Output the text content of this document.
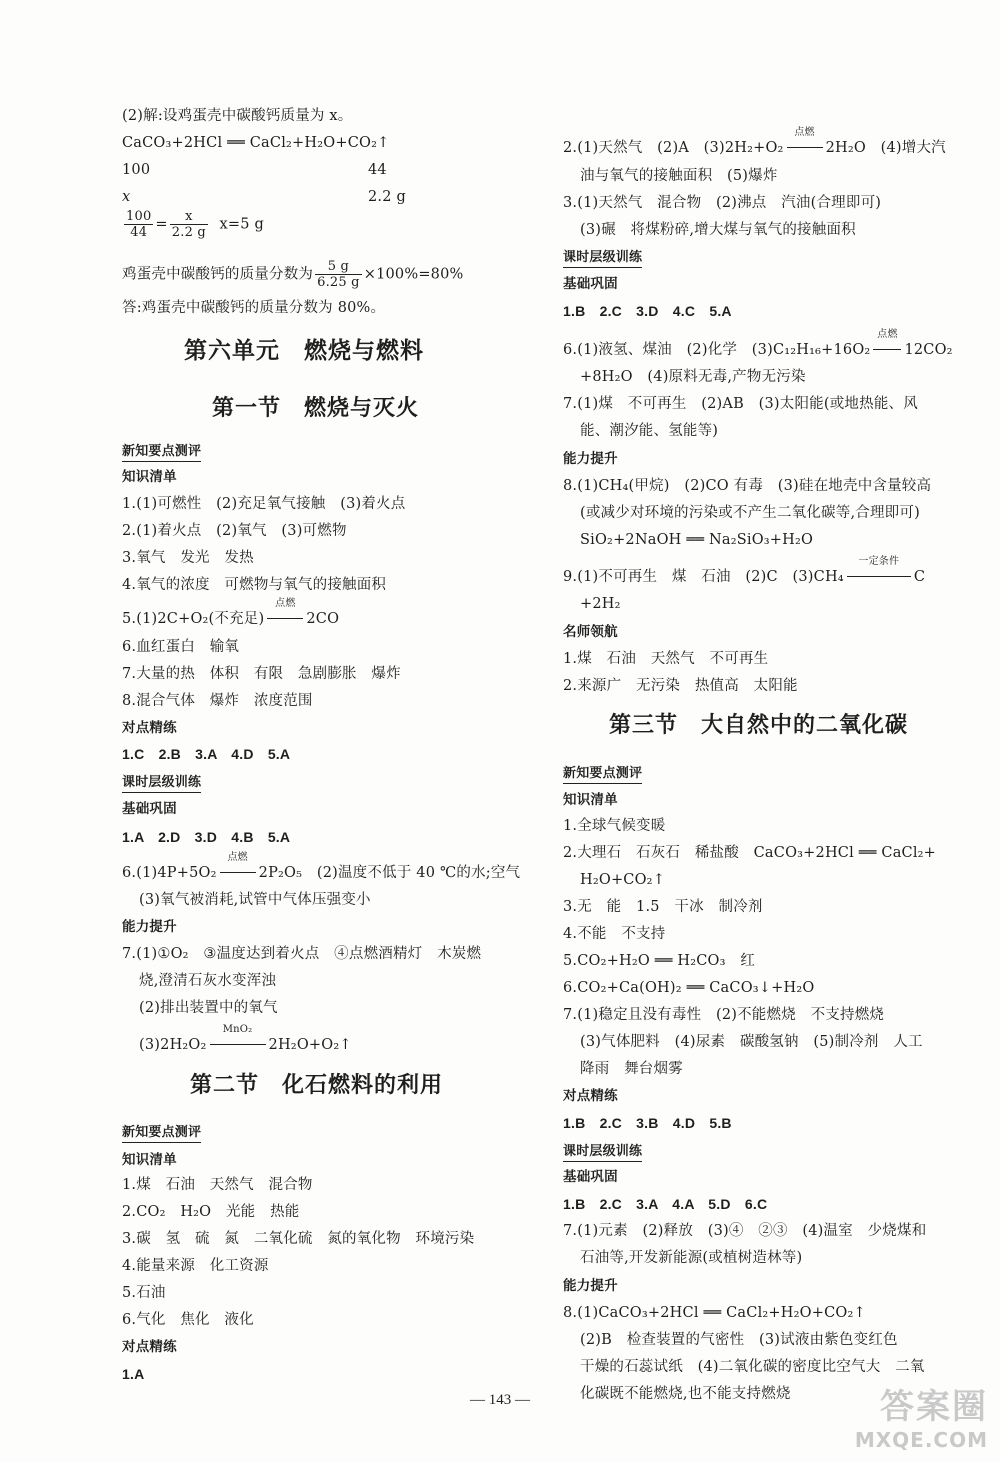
(2)解:设鸡蛋壳中碳酸钙质量为 x。
CaCO₃+2HCl ══ CaCl₂+H₂O+CO₂↑
100	44
x	2.2 g
$\frac{100}{44} = \frac{x}{2.2 g} x=5$ g
鸡蛋壳中碳酸钙的质量分数为 $\frac{5 g}{6.25 g} \times 100\%=80\%$
答:鸡蛋壳中碳酸钙的质量分数为 80%。
第六单元　燃烧与燃料
第一节　燃烧与灭火
新知要点测评
知识清单
1.(1)可燃性　(2)充足氧气接触　(3)着火点
2.(1)着火点　(2)氧气　(3)可燃物
3.氧气　发光　发热
4.氧气的浓度　可燃物与氧气的接触面积
5.(1)2C+O₂(不充足)
点燃
2CO
6.血红蛋白　输氧
7.大量的热　体积　有限　急剧膨胀　爆炸
8.混合气体　爆炸　浓度范围
对点精练
1.C　2.B　3.A　4.D　5.A
课时层级训练
基础巩固
1.A　2.D　3.D　4.B　5.A
6.(1)4P+5O₂
点燃
2P₂O₅　(2)温度不低于 40 ℃的水;空气
(3)氧气被消耗,试管中气体压强变小
能力提升
7.(1)①O₂　③温度达到着火点　④点燃酒精灯　木炭燃
烧,澄清石灰水变浑浊
(2)排出装置中的氧气
(3)2H₂O₂
MnO₂
2H₂O+O₂↑
第二节　化石燃料的利用
新知要点测评
知识清单
1.煤　石油　天然气　混合物
2.CO₂　H₂O　光能　热能
3.碳　氢　硫　氮　二氧化硫　氮的氧化物　环境污染
4.能量来源　化工资源
5.石油
6.气化　焦化　液化
对点精练
1.A
2.(1)天然气　(2)A　(3)2H₂+O₂
点燃
2H₂O　(4)增大汽
油与氧气的接触面积　(5)爆炸
3.(1)天然气　混合物　(2)沸点　汽油(合理即可)
(3)碾　将煤粉碎,增大煤与氧气的接触面积
课时层级训练
基础巩固
1.B　2.C　3.D　4.C　5.A
6.(1)液氢、煤油　(2)化学　(3)C₁₂H₁₆+16O₂
点燃
12CO₂
+8H₂O　(4)原料无毒,产物无污染
7.(1)煤　不可再生　(2)AB　(3)太阳能(或地热能、风
能、潮汐能、氢能等)
能力提升
8.(1)CH₄(甲烷)　(2)CO 有毒　(3)硅在地壳中含量较高
(或减少对环境的污染或不产生二氧化碳等,合理即可)
SiO₂+2NaOH ══ Na₂SiO₃+H₂O
9.(1)不可再生　煤　石油　(2)C　(3)CH₄
一定条件
C
+2H₂
名师领航
1.煤　石油　天然气　不可再生
2.来源广　无污染　热值高　太阳能
第三节　大自然中的二氧化碳
新知要点测评
知识清单
1.全球气候变暖
2.大理石　石灰石　稀盐酸　CaCO₃+2HCl ══ CaCl₂+
H₂O+CO₂↑
3.无　能　1.5　干冰　制冷剂
4.不能　不支持
5.CO₂+H₂O ══ H₂CO₃　红
6.CO₂+Ca(OH)₂ ══ CaCO₃↓+H₂O
7.(1)稳定且没有毒性　(2)不能燃烧　不支持燃烧
(3)气体肥料　(4)尿素　碳酸氢钠　(5)制冷剂　人工
降雨　舞台烟雾
对点精练
1.B　2.C　3.B　4.D　5.B
课时层级训练
基础巩固
1.B　2.C　3.A　4.A　5.D　6.C
7.(1)元素　(2)释放　(3)④　②③　(4)温室　少烧煤和
石油等,开发新能源(或植树造林等)
能力提升
8.(1)CaCO₃+2HCl ══ CaCl₂+H₂O+CO₂↑
(2)B　检查装置的气密性　(3)试液由紫色变红色
干燥的石蕊试纸　(4)二氧化碳的密度比空气大　二氧
化碳既不能燃烧,也不能支持燃烧
— 143 —	答案圈
MXQE.COM
